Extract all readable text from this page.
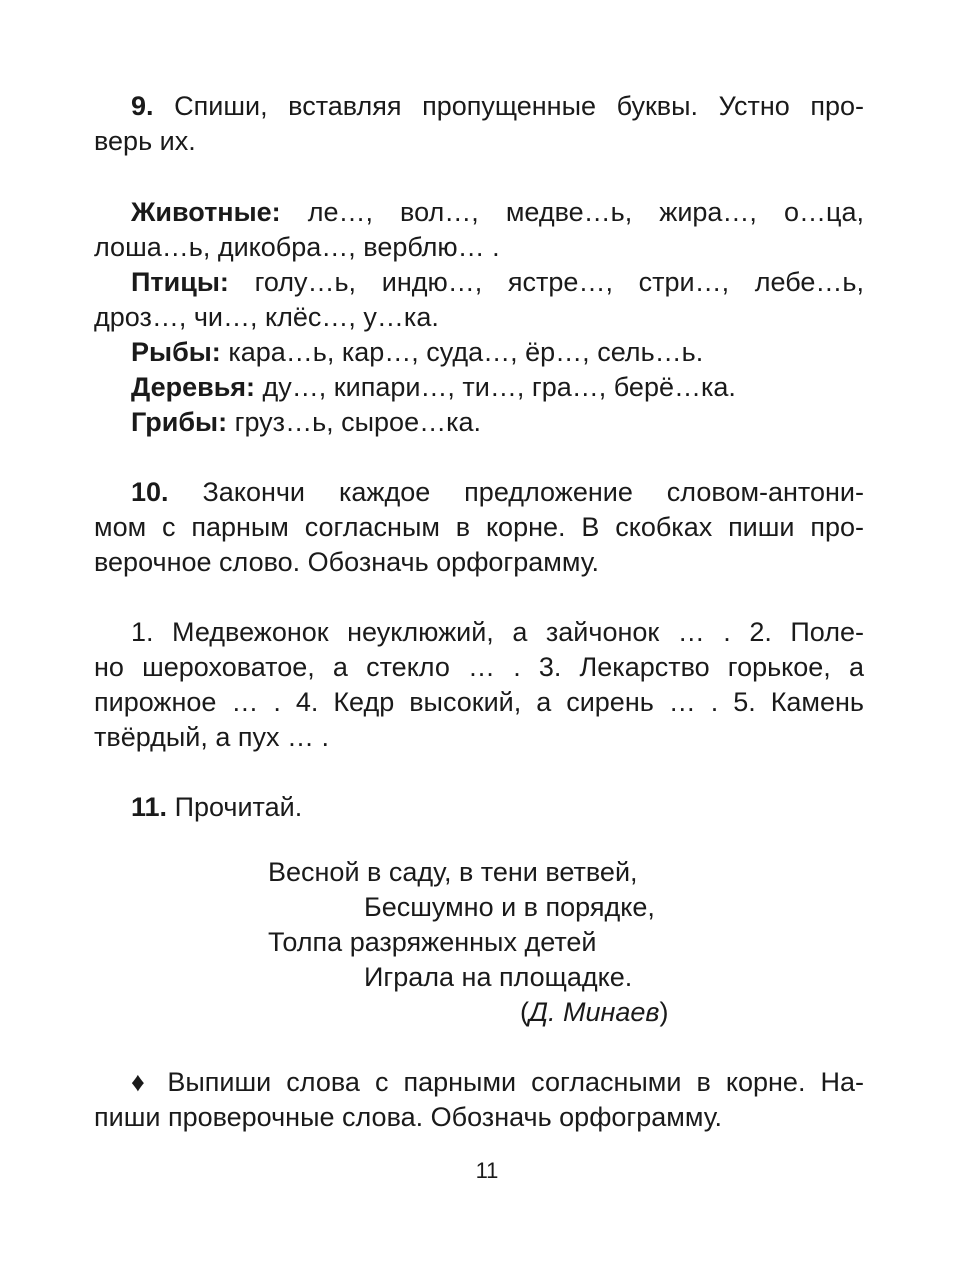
9. Спиши, вставляя пропущенные буквы. Устно про-
верь их.
Животные: ле…, вол…, медве…ь, жира…, о…ца,
лоша…ь, дикобра…, верблю… .
Птицы: голу…ь, индю…, ястре…, стри…, лебе…ь,
дроз…, чи…, клёс…, у…ка.
Рыбы: кара…ь, кар…, суда…, ёр…, сель…ь.
Деревья: ду…, кипари…, ти…, гра…, берё…ка.
Грибы: груз…ь, сырое…ка.
10. Закончи каждое предложение словом-антони-
мом с парным согласным в корне. В скобках пиши про-
верочное слово. Обозначь орфограмму.
1. Медвежонок неуклюжий, а зайчонок … . 2. Поле-
но шероховатое, а стекло … . 3. Лекарство горькое, а
пирожное … . 4. Кедр высокий, а сирень … . 5. Камень
твёрдый, а пух … .
11. Прочитай.
Весной в саду, в тени ветвей,
Бесшумно и в порядке,
Толпа разряженных детей
Играла на площадке.
(Д. Минаев)
♦ Выпиши слова с парными согласными в корне. На-
пиши проверочные слова. Обозначь орфограмму.
11
